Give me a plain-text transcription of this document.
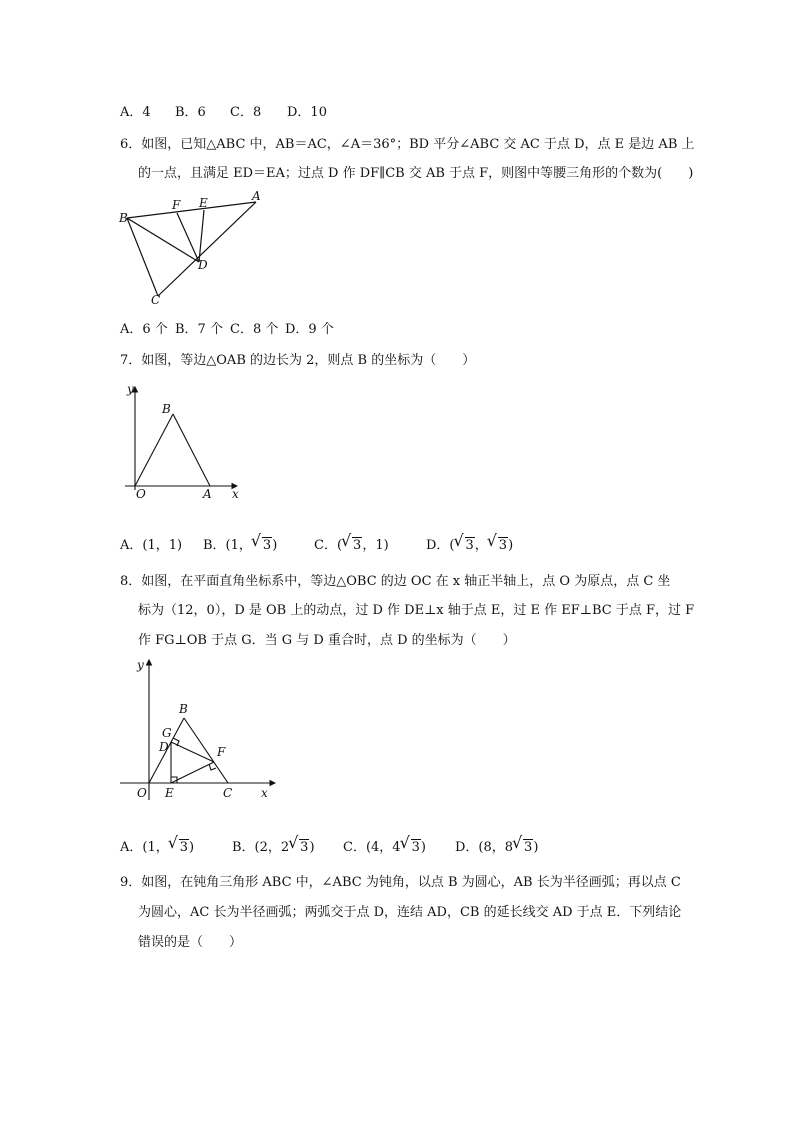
A．4 B．6 C．8 D．10
6．如图，已知△ABC 中，AB＝AC，∠A＝36°；BD 平分∠ABC 交 AC 于点 D，点 E 是边 AB 上
的一点，且满足 ED＝EA；过点 D 作 DF∥CB 交 AB 于点 F，则图中等腰三角形的个数为(　　)
B
F E	A
D
C
A．6 个 B．7 个 C．8 个 D．9 个
7．如图，等边△OAB 的边长为 2，则点 B 的坐标为（　　）
y
B
O	A x
A．(1，1) B．(1， √ 3)	C．( √ 3，1)	D．( √ 3， √ 3)
8．如图，在平面直角坐标系中，等边△OBC 的边 OC 在 x 轴正半轴上，点 O 为原点，点 C 坐
标为（12，0），D 是 OB 上的动点，过 D 作 DE⊥x 轴于点 E，过 E 作 EF⊥BC 于点 F，过 F
作 FG⊥OB 于点 G．当 G 与 D 重合时，点 D 的坐标为（　　）
B
G
D	F
O E	C x
y
A．(1， √ 3)	B．(2，2 √ 3) C．(4，4 √ 3) D．(8，8 √ 3)
9．如图，在钝角三角形 ABC 中，∠ABC 为钝角，以点 B 为圆心，AB 长为半径画弧；再以点 C
为圆心，AC 长为半径画弧；两弧交于点 D，连结 AD，CB 的延长线交 AD 于点 E．下列结论
错误的是（　　）
